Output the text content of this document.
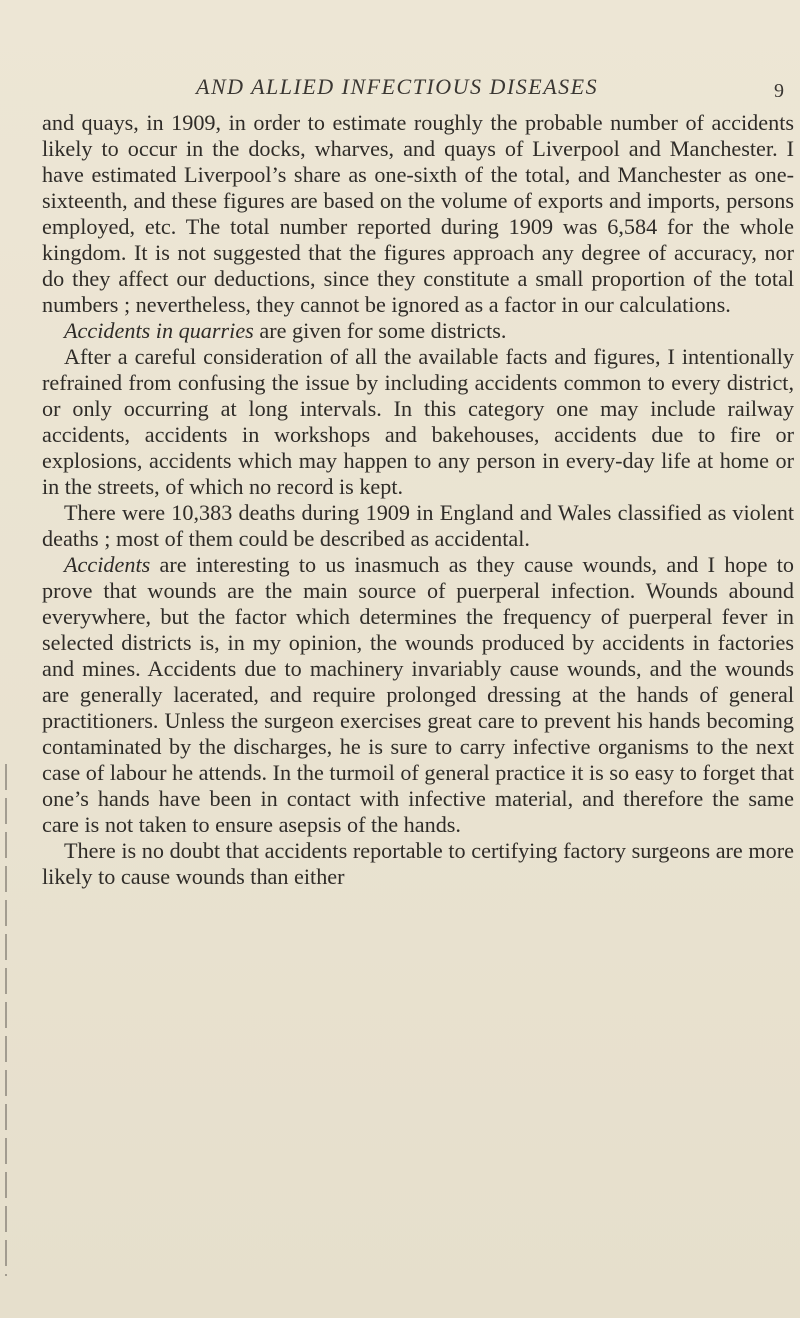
AND ALLIED INFECTIOUS DISEASES	9

and quays, in 1909, in order to estimate roughly the probable number of accidents likely to occur in the docks, wharves, and quays of Liverpool and Manchester. I have estimated Liverpool’s share as one-sixth of the total, and Manchester as one-sixteenth, and these figures are based on the volume of exports and imports, persons employed, etc. The total number reported during 1909 was 6,584 for the whole kingdom. It is not suggested that the figures approach any degree of accuracy, nor do they affect our deductions, since they constitute a small proportion of the total numbers ; nevertheless, they cannot be ignored as a factor in our calculations.

Accidents in quarries are given for some districts.

After a careful consideration of all the available facts and figures, I intentionally refrained from confusing the issue by including accidents common to every district, or only occurring at long intervals. In this category one may include railway accidents, accidents in workshops and bakehouses, accidents due to fire or explosions, accidents which may happen to any person in every-day life at home or in the streets, of which no record is kept.

There were 10,383 deaths during 1909 in England and Wales classified as violent deaths ; most of them could be described as accidental.

Accidents are interesting to us inasmuch as they cause wounds, and I hope to prove that wounds are the main source of puerperal infection. Wounds abound everywhere, but the factor which determines the frequency of puerperal fever in selected districts is, in my opinion, the wounds produced by accidents in factories and mines. Accidents due to machinery invariably cause wounds, and the wounds are generally lacerated, and require prolonged dressing at the hands of general practitioners. Unless the surgeon exercises great care to prevent his hands becoming contaminated by the discharges, he is sure to carry infective organisms to the next case of labour he attends. In the turmoil of general practice it is so easy to forget that one’s hands have been in contact with infective material, and therefore the same care is not taken to ensure asepsis of the hands.

There is no doubt that accidents reportable to certifying factory surgeons are more likely to cause wounds than either
